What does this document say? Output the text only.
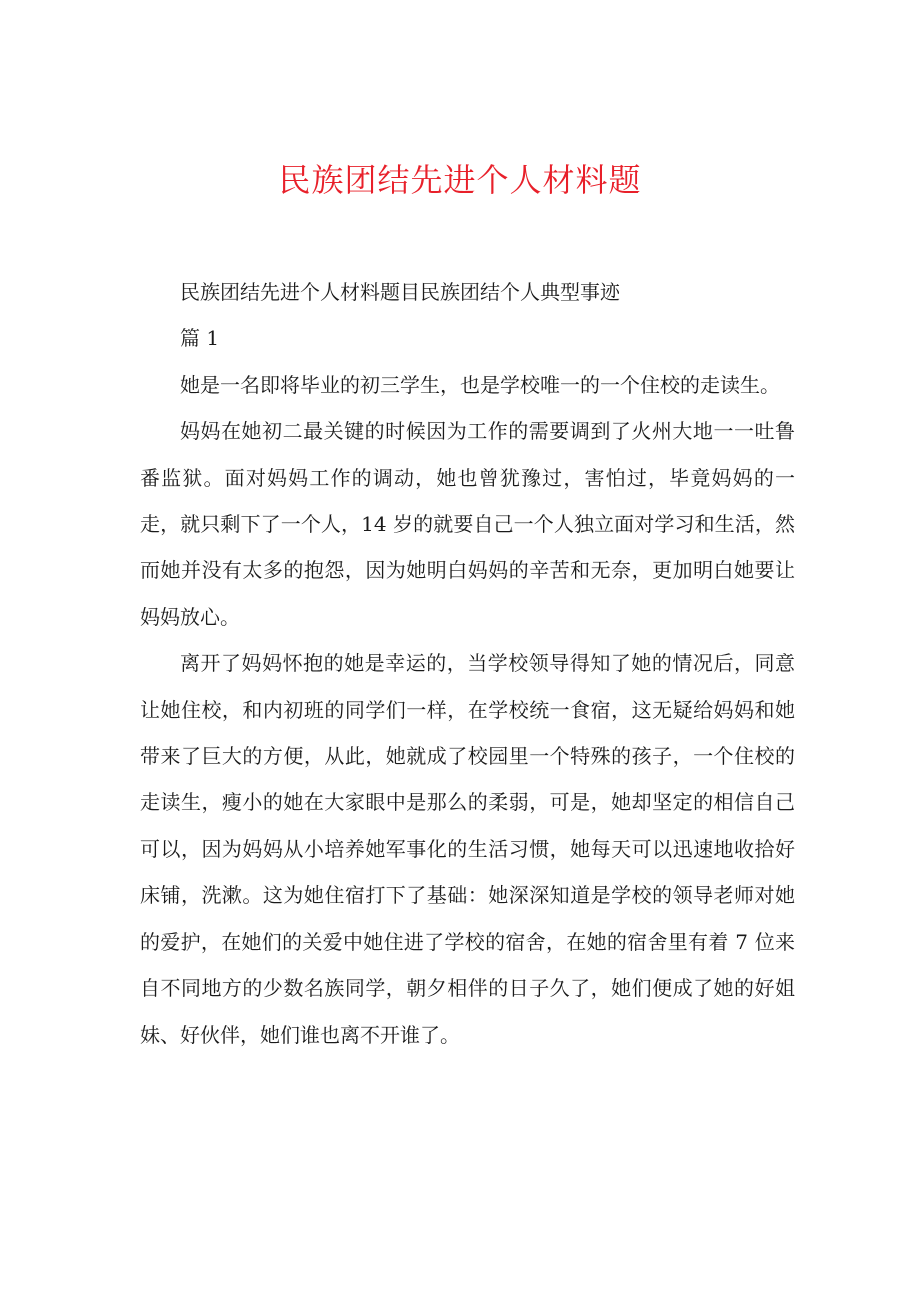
民族团结先进个人材料题

民族团结先进个人材料题目民族团结个人典型事迹

篇 1

她是一名即将毕业的初三学生，也是学校唯一的一个住校的走读生。

妈妈在她初二最关键的时候因为工作的需要调到了火州大地一一吐鲁番监狱。面对妈妈工作的调动，她也曾犹豫过，害怕过，毕竟妈妈的一走，就只剩下了一个人，14 岁的就要自己一个人独立面对学习和生活，然而她并没有太多的抱怨，因为她明白妈妈的辛苦和无奈，更加明白她要让妈妈放心。

离开了妈妈怀抱的她是幸运的，当学校领导得知了她的情况后，同意让她住校，和内初班的同学们一样，在学校统一食宿，这无疑给妈妈和她带来了巨大的方便，从此，她就成了校园里一个特殊的孩子，一个住校的走读生，瘦小的她在大家眼中是那么的柔弱，可是，她却坚定的相信自己可以，因为妈妈从小培养她军事化的生活习惯，她每天可以迅速地收拾好床铺，洗漱。这为她住宿打下了基础：她深深知道是学校的领导老师对她的爱护，在她们的关爱中她住进了学校的宿舍，在她的宿舍里有着 7 位来自不同地方的少数名族同学，朝夕相伴的日子久了，她们便成了她的好姐妹、好伙伴，她们谁也离不开谁了。
